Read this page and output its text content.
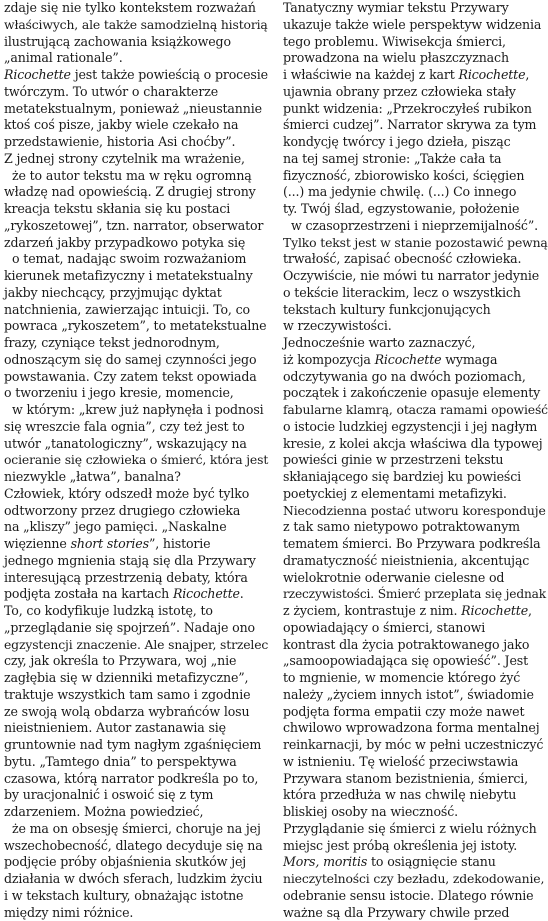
zdaje się nie tylko kontekstem rozważań
właściwych, ale także samodzielną historią
ilustrującą zachowania książkowego
„animal rationale”.
Ricochette jest także powieścią o procesie
twórczym. To utwór o charakterze
metatekstualnym, ponieważ „nieustannie
ktoś coś pisze, jakby wiele czekało na
przedstawienie, historia Asi choćby”.
Z jednej strony czytelnik ma wrażenie,
że to autor tekstu ma w ręku ogromną
władzę nad opowieścią. Z drugiej strony
kreacja tekstu skłania się ku postaci
„rykoszetowej”, tzn. narrator, obserwator
zdarzeń jakby przypadkowo potyka się
o temat, nadając swoim rozważaniom
kierunek metafizyczny i metatekstualny
jakby niechcący, przyjmując dyktat
natchnienia, zawierzając intuicji. To, co
powraca „rykoszetem”, to metatekstualne
frazy, czyniące tekst jednorodnym,
odnoszącym się do samej czynności jego
powstawania. Czy zatem tekst opowiada
o tworzeniu i jego kresie, momencie,
w którym: „krew już napłynęła i podnosi
się wreszcie fala ognia”, czy też jest to
utwór „tanatologiczny”, wskazujący na
ocieranie się człowieka o śmierć, która jest
niezwykle „łatwa”, banalna?
Człowiek, który odszedł może być tylko
odtworzony przez drugiego człowieka
na „kliszy” jego pamięci. „Naskalne
więzienne short stories”, historie
jednego mgnienia stają się dla Przywary
interesującą przestrzenią debaty, która
podjęta została na kartach Ricochette.
To, co kodyfikuje ludzką istotę, to
„przeglądanie się spojrzeń”. Nadaje ono
egzystencji znaczenie. Ale snajper, strzelec
czy, jak określa to Przywara, woj „nie
zagłębia się w dzienniki metafizyczne”,
traktuje wszystkich tam samo i zgodnie
ze swoją wolą obdarza wybrańców losu
nieistnieniem. Autor zastanawia się
gruntownie nad tym nagłym zgaśnięciem
bytu. „Tamtego dnia” to perspektywa
czasowa, którą narrator podkreśla po to,
by uracjonalnić i oswoić się z tym
zdarzeniem. Można powiedzieć,
że ma on obsesję śmierci, choruje na jej
wszechobecność, dlatego decyduje się na
podjęcie próby objaśnienia skutków jej
działania w dwóch sferach, ludzkim życiu
i w tekstach kultury, obnażając istotne
między nimi różnice.
Tanatyczny wymiar tekstu Przywary
ukazuje także wiele perspektyw widzenia
tego problemu. Wiwisekcja śmierci,
prowadzona na wielu płaszczyznach
i właściwie na każdej z kart Ricochette,
ujawnia obrany przez człowieka stały
punkt widzenia: „Przekroczyłeś rubikon
śmierci cudzej”. Narrator skrywa za tym
kondycję twórcy i jego dzieła, pisząc
na tej samej stronie: „Także cała ta
fizyczność, zbiorowisko kości, ścięgien
(...) ma jedynie chwilę. (...) Co innego
ty. Twój ślad, egzystowanie, położenie
w czasoprzestrzeni i nieprzemijalność”.
Tylko tekst jest w stanie pozostawić pewną
trwałość, zapisać obecność człowieka.
Oczywiście, nie mówi tu narrator jedynie
o tekście literackim, lecz o wszystkich
tekstach kultury funkcjonujących
w rzeczywistości.
Jednocześnie warto zaznaczyć,
iż kompozycja Ricochette wymaga
odczytywania go na dwóch poziomach,
początek i zakończenie opasuje elementy
fabularne klamrą, otacza ramami opowieść
o istocie ludzkiej egzystencji i jej nagłym
kresie, z kolei akcja właściwa dla typowej
powieści ginie w przestrzeni tekstu
skłaniającego się bardziej ku powieści
poetyckiej z elementami metafizyki.
Niecodzienna postać utworu koresponduje
z tak samo nietypowo potraktowanym
tematem śmierci. Bo Przywara podkreśla
dramatyczność nieistnienia, akcentując
wielokrotnie oderwanie cielesne od
rzeczywistości. Śmierć przeplata się jednak
z życiem, kontrastuje z nim. Ricochette,
opowiadający o śmierci, stanowi
kontrast dla życia potraktowanego jako
„samoopowiadająca się opowieść”. Jest
to mgnienie, w momencie którego żyć
należy „życiem innych istot”, świadomie
podjęta forma empatii czy może nawet
chwilowo wprowadzona forma mentalnej
reinkarnacji, by móc w pełni uczestniczyć
w istnieniu. Tę wielość przeciwstawia
Przywara stanom bezistnienia, śmierci,
która przedłuża w nas chwilę niebytu
bliskiej osoby na wieczność.
Przyglądanie się śmierci z wielu różnych
miejsc jest próbą określenia jej istoty.
Mors, moritis to osiągnięcie stanu
nieczytelności czy bezładu, zdekodowanie,
odebranie sensu istocie. Dlatego równie
ważne są dla Przywary chwile przed
